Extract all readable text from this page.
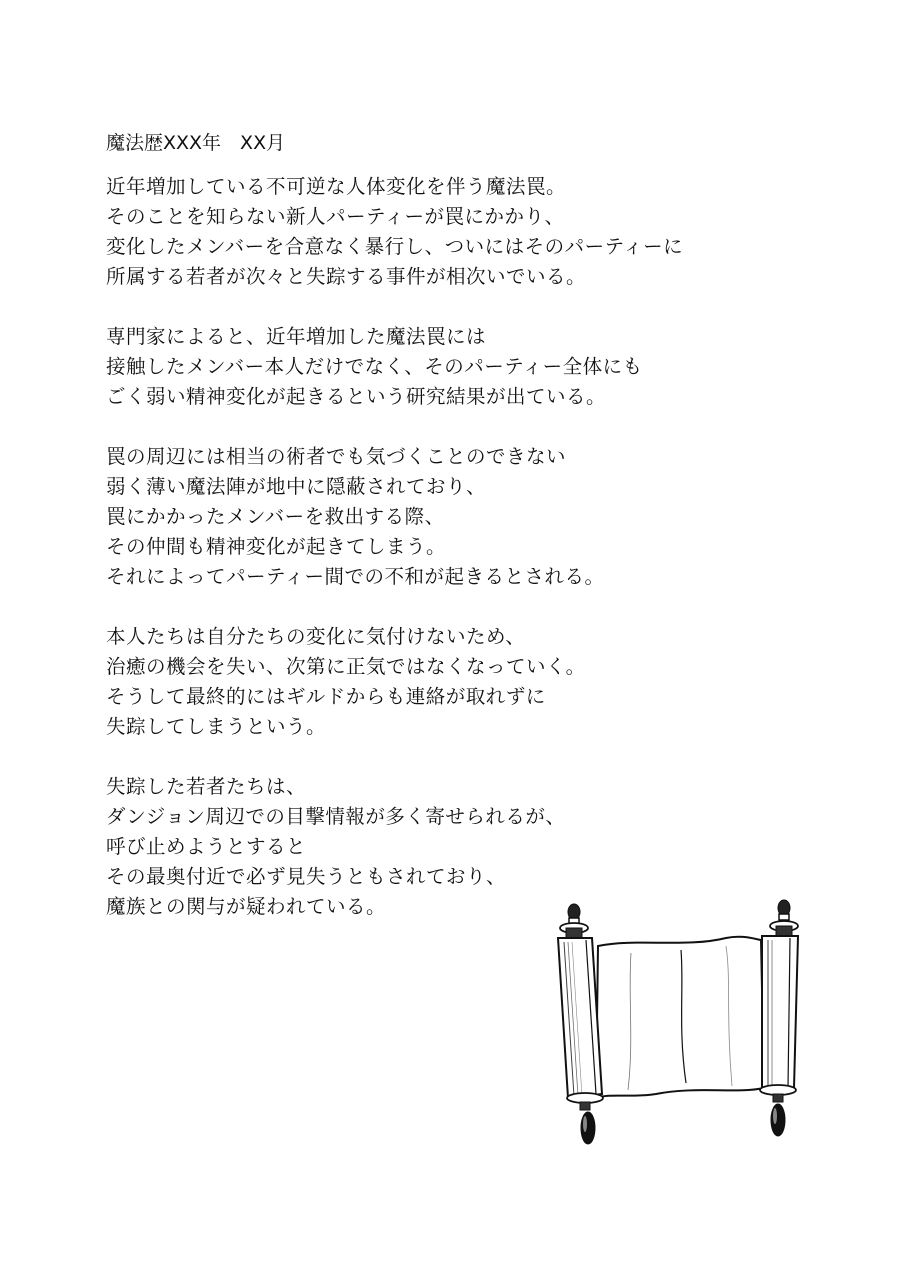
魔法歴XXX年　XX月

近年増加している不可逆な人体変化を伴う魔法罠。
そのことを知らない新人パーティーが罠にかかり、
変化したメンバーを合意なく暴行し、ついにはそのパーティーに
所属する若者が次々と失踪する事件が相次いでいる。

専門家によると、近年増加した魔法罠には
接触したメンバー本人だけでなく、そのパーティー全体にも
ごく弱い精神変化が起きるという研究結果が出ている。

罠の周辺には相当の術者でも気づくことのできない
弱く薄い魔法陣が地中に隠蔽されており、
罠にかかったメンバーを救出する際、
その仲間も精神変化が起きてしまう。
それによってパーティー間での不和が起きるとされる。

本人たちは自分たちの変化に気付けないため、
治癒の機会を失い、次第に正気ではなくなっていく。
そうして最終的にはギルドからも連絡が取れずに
失踪してしまうという。

失踪した若者たちは、
ダンジョン周辺での目撃情報が多く寄せられるが、
呼び止めようとすると
その最奥付近で必ず見失うともされており、
魔族との関与が疑われている。
